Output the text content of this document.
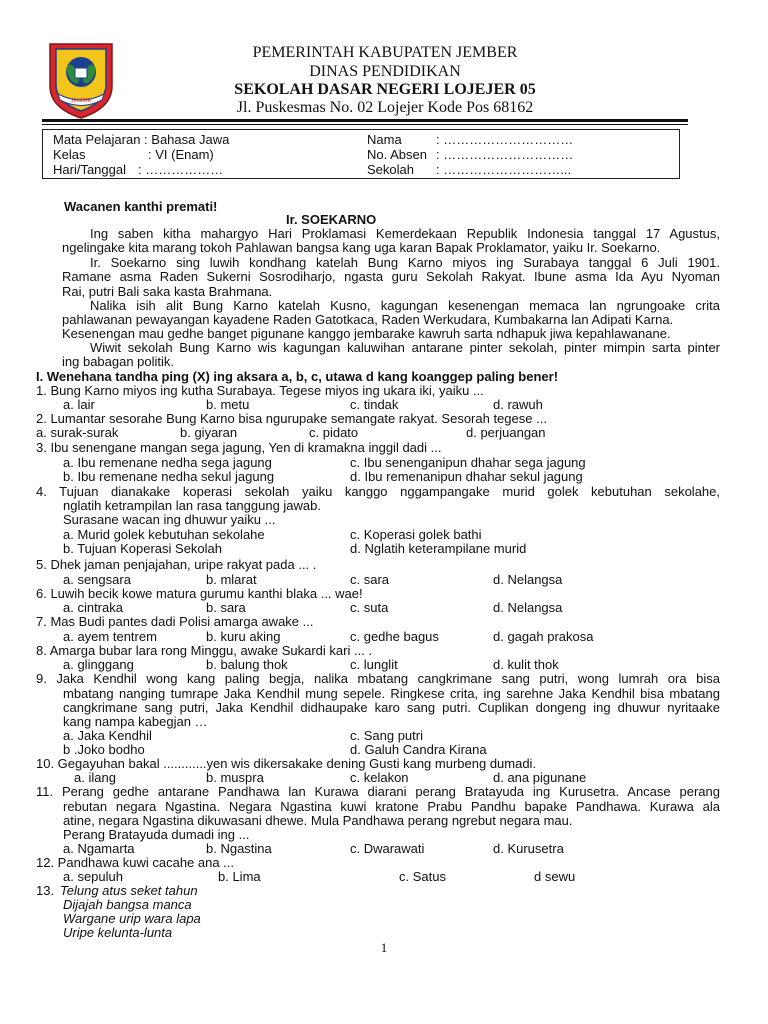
JEMBER
PEMERINTAH KABUPATEN JEMBER
DINAS PENDIDIKAN
SEKOLAH DASAR NEGERI LOJEJER 05
Jl. Puskesmas No. 02 Lojejer Kode Pos 68162
Mata Pelajaran : Bahasa Jawa
Kelas	: VI (Enam)
Hari/Tanggal : ………………
Nama	: …………………………
No. Absen : …………………………
Sekolah : ………………………...
Wacanen kanthi premati!
Ir. SOEKARNO
Ing saben kitha mahargyo Hari Proklamasi Kemerdekaan Republik Indonesia tanggal 17 Agustus,
ngelingake kita marang tokoh Pahlawan bangsa kang uga karan Bapak Proklamator, yaiku Ir. Soekarno.
Ir. Soekarno sing luwih kondhang katelah Bung Karno miyos ing Surabaya tanggal 6 Juli 1901.
Ramane asma Raden Sukerni Sosrodiharjo, ngasta guru Sekolah Rakyat. Ibune asma Ida Ayu Nyoman
Rai, putri Bali saka kasta Brahmana.
Nalika isih alit Bung Karno katelah Kusno, kagungan kesenengan memaca lan ngrungoake crita
pahlawanan pewayangan kayadene Raden Gatotkaca, Raden Werkudara, Kumbakarna lan Adipati Karna.
Kesenengan mau gedhe banget pigunane kanggo jembarake kawruh sarta ndhapuk jiwa kepahlawanane.
Wiwit sekolah Bung Karno wis kagungan kaluwihan antarane pinter sekolah, pinter mimpin sarta pinter
ing babagan politik.
I. Wenehana tandha ping (X) ing aksara a, b, c, utawa d kang koanggep paling bener!
1. Bung Karno miyos ing kutha Surabaya. Tegese miyos ing ukara iki, yaiku ...
a. lair	b. metu	c. tindak	d. rawuh
2. Lumantar sesorahe Bung Karno bisa ngurupake semangate rakyat. Sesorah tegese ...
a. surak-surak	b. giyaran	c. pidato	d. perjuangan
3. Ibu senengane mangan sega jagung, Yen di kramakna inggil dadi ...
a. Ibu remenane nedha sega jagung	c. Ibu senenganipun dhahar sega jagung
b. Ibu remenane nedha sekul jagung	d. Ibu remenanipun dhahar sekul jagung
4. Tujuan dianakake koperasi sekolah yaiku kanggo nggampangake murid golek kebutuhan sekolahe,
nglatih ketrampilan lan rasa tanggung jawab.
Surasane wacan ing dhuwur yaiku ...
a. Murid golek kebutuhan sekolahe	c. Koperasi golek bathi
b. Tujuan Koperasi Sekolah	d. Nglatih keterampilane murid
5. Dhek jaman penjajahan, uripe rakyat pada ... .
a. sengsara	b. mlarat	c. sara	d. Nelangsa
6. Luwih becik kowe matura gurumu kanthi blaka ... wae!
a. cintraka	b. sara	c. suta	d. Nelangsa
7. Mas Budi pantes dadi Polisi amarga awake ...
a. ayem tentrem	b. kuru aking	c. gedhe bagus	d. gagah prakosa
8. Amarga bubar lara rong Minggu, awake Sukardi kari ... .
a. glinggang	b. balung thok	c. lunglit	d. kulit thok
9. Jaka Kendhil wong kang paling begja, nalika mbatang cangkrimane sang putri, wong lumrah ora bisa
mbatang nanging tumrape Jaka Kendhil mung sepele. Ringkese crita, ing sarehne Jaka Kendhil bisa mbatang
cangkrimane sang putri, Jaka Kendhil didhaupake karo sang putri. Cuplikan dongeng ing dhuwur nyritaake
kang nampa kabegjan …
a. Jaka Kendhil	c. Sang putri
b .Joko bodho	d. Galuh Candra Kirana
10. Gegayuhan bakal ............yen wis dikersakake dening Gusti kang murbeng dumadi.
a. ilang	b. muspra	c. kelakon	d. ana pigunane
11. Perang gedhe antarane Pandhawa lan Kurawa diarani perang Bratayuda ing Kurusetra. Ancase perang
rebutan negara Ngastina. Negara Ngastina kuwi kratone Prabu Pandhu bapake Pandhawa. Kurawa ala
atine, negara Ngastina dikuwasani dhewe. Mula Pandhawa perang ngrebut negara mau.
Perang Bratayuda dumadi ing ...
a. Ngamarta	b. Ngastina	c. Dwarawati	d. Kurusetra
12. Pandhawa kuwi cacahe ana ...
a. sepuluh	b. Lima	c. Satus	d sewu
13. Telung atus seket tahun
Dijajah bangsa manca
Wargane urip wara lapa
Uripe kelunta-lunta
1
